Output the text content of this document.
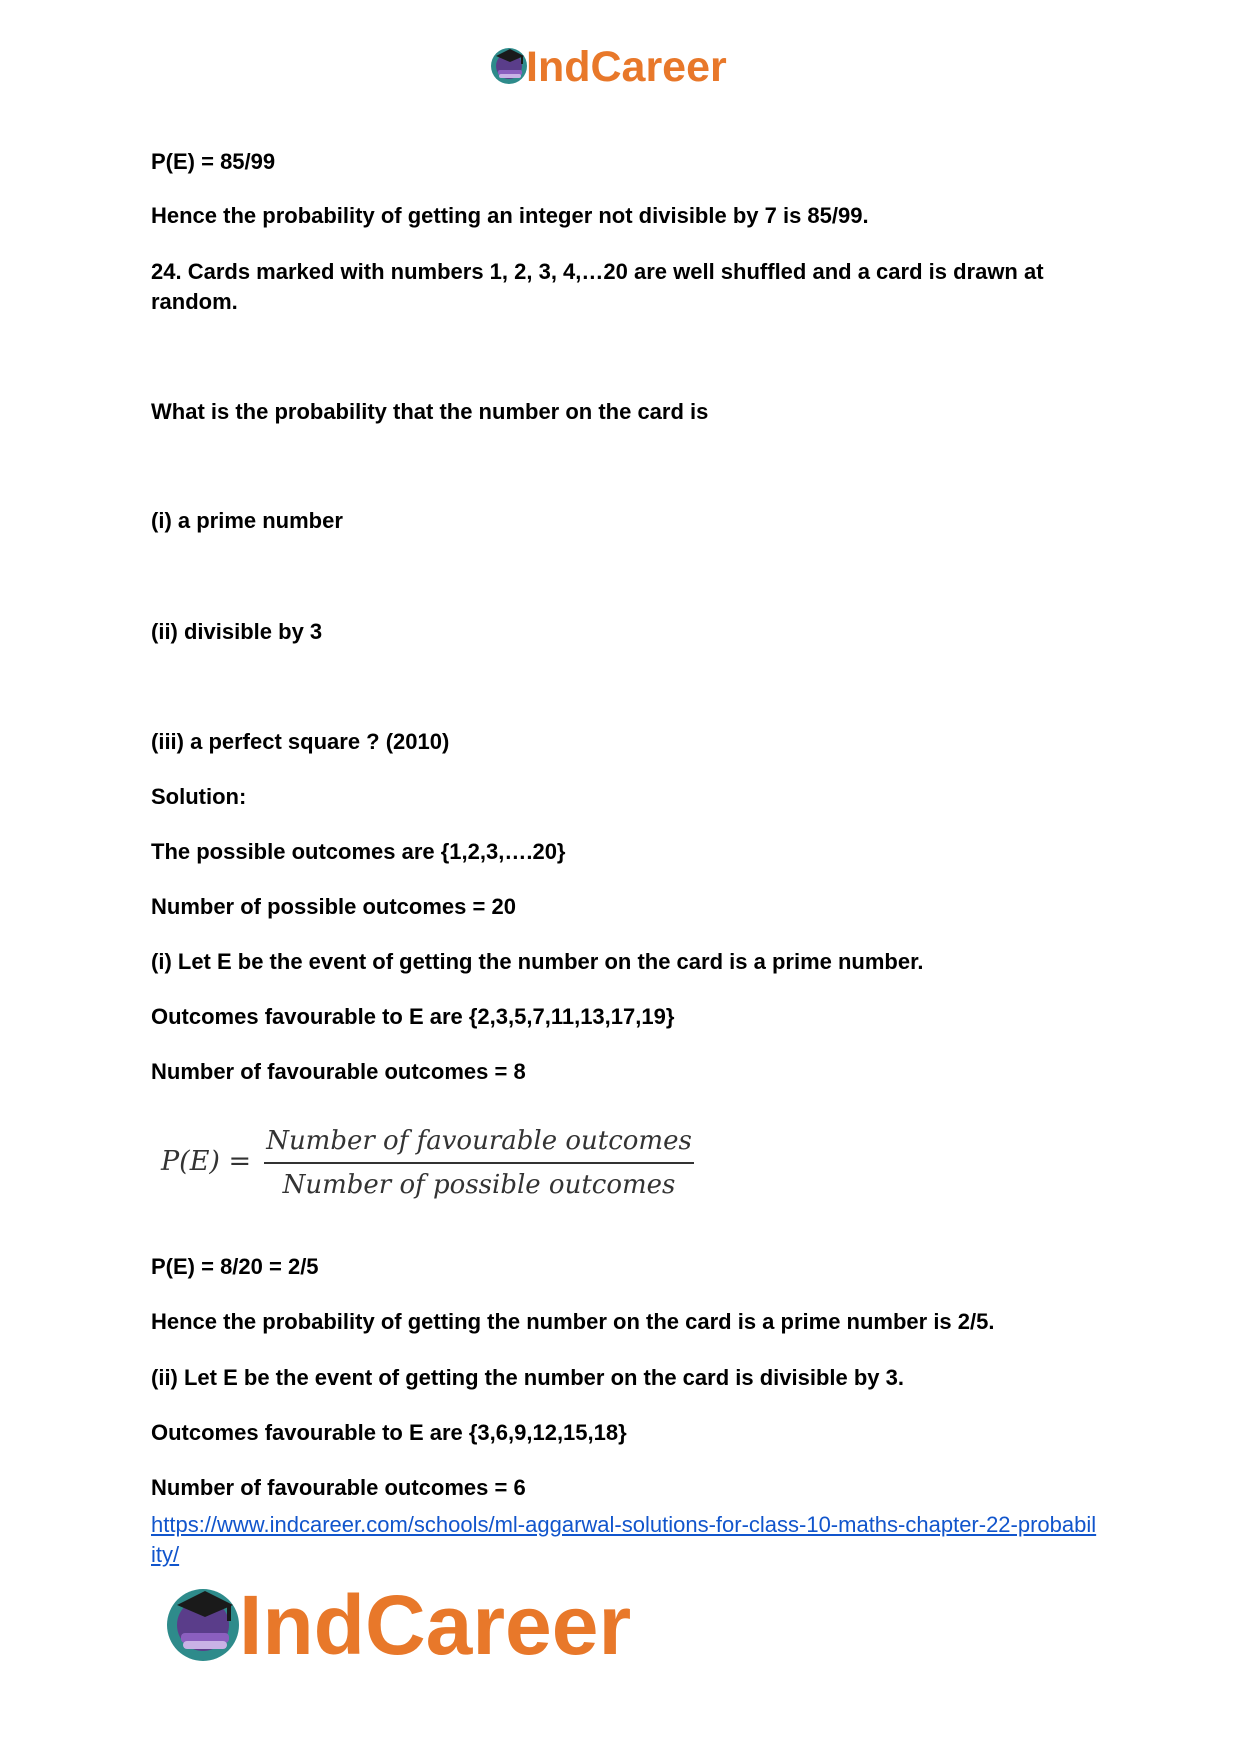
IndCareer
P(E) = 85/99
Hence the probability of getting an integer not divisible by 7 is 85/99.
24. Cards marked with numbers 1, 2, 3, 4,…20 are well shuffled and a card is drawn at random.
What is the probability that the number on the card is
(i) a prime number
(ii) divisible by 3
(iii) a perfect square ? (2010)
Solution:
The possible outcomes are {1,2,3,….20}
Number of possible outcomes = 20
(i) Let E be the event of getting the number on the card is a prime number.
Outcomes favourable to E are {2,3,5,7,11,13,17,19}
Number of favourable outcomes = 8
P(E) = 8/20 = 2/5
Hence the probability of getting the number on the card is a prime number is 2/5.
(ii) Let E be the event of getting the number on the card is divisible by 3.
Outcomes favourable to E are {3,6,9,12,15,18}
Number of favourable outcomes = 6
P(E) =
Number of favourable outcomes
Number of possible outcomes
https://www.indcareer.com/schools/ml-aggarwal-solutions-for-class-10-maths-chapter-22-probability/
IndCareer
